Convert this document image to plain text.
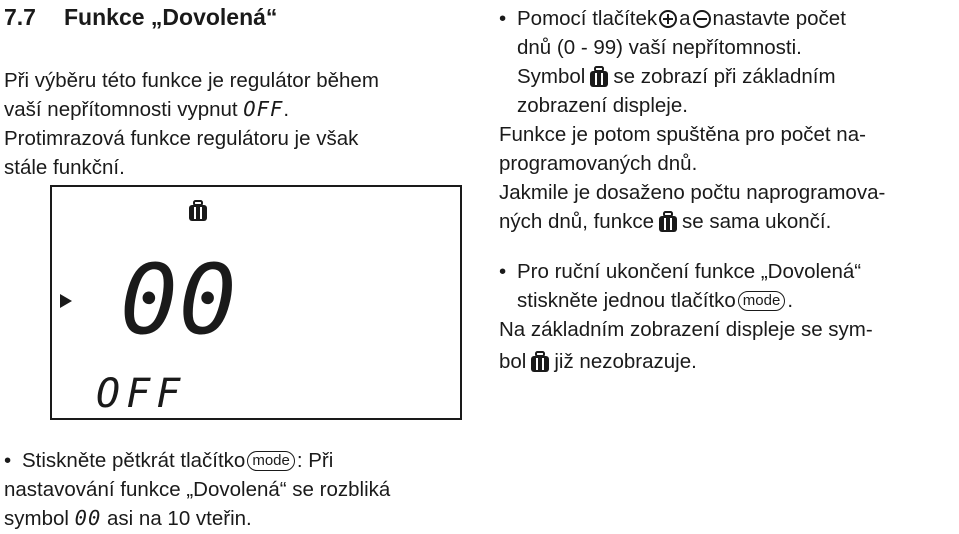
7.7 Funkce „Dovolená“
Při výběru této funkce je regulátor během
vaší nepřítomnosti vypnut OFF.
Protimrazová funkce regulátoru je však
stále funkční.
00
OFF
• Stiskněte pětkrát tlačítko mode : Při
nastavování funkce „Dovolená“ se rozbliká
symbol 00 asi na 10 vteřin.
• Pomocí tlačítek a nastavte počet
dnů (0 - 99) vaší nepřítomnosti.
Symbol se zobrazí při základním
zobrazení displeje.
Funkce je potom spuštěna pro počet na-
programovaných dnů.
Jakmile je dosaženo počtu naprogramova-
ných dnů, funkce se sama ukončí.
• Pro ruční ukončení funkce „Dovolená“
stiskněte jednou tlačítko mode .
Na základním zobrazení displeje se sym-
bol již nezobrazuje.
